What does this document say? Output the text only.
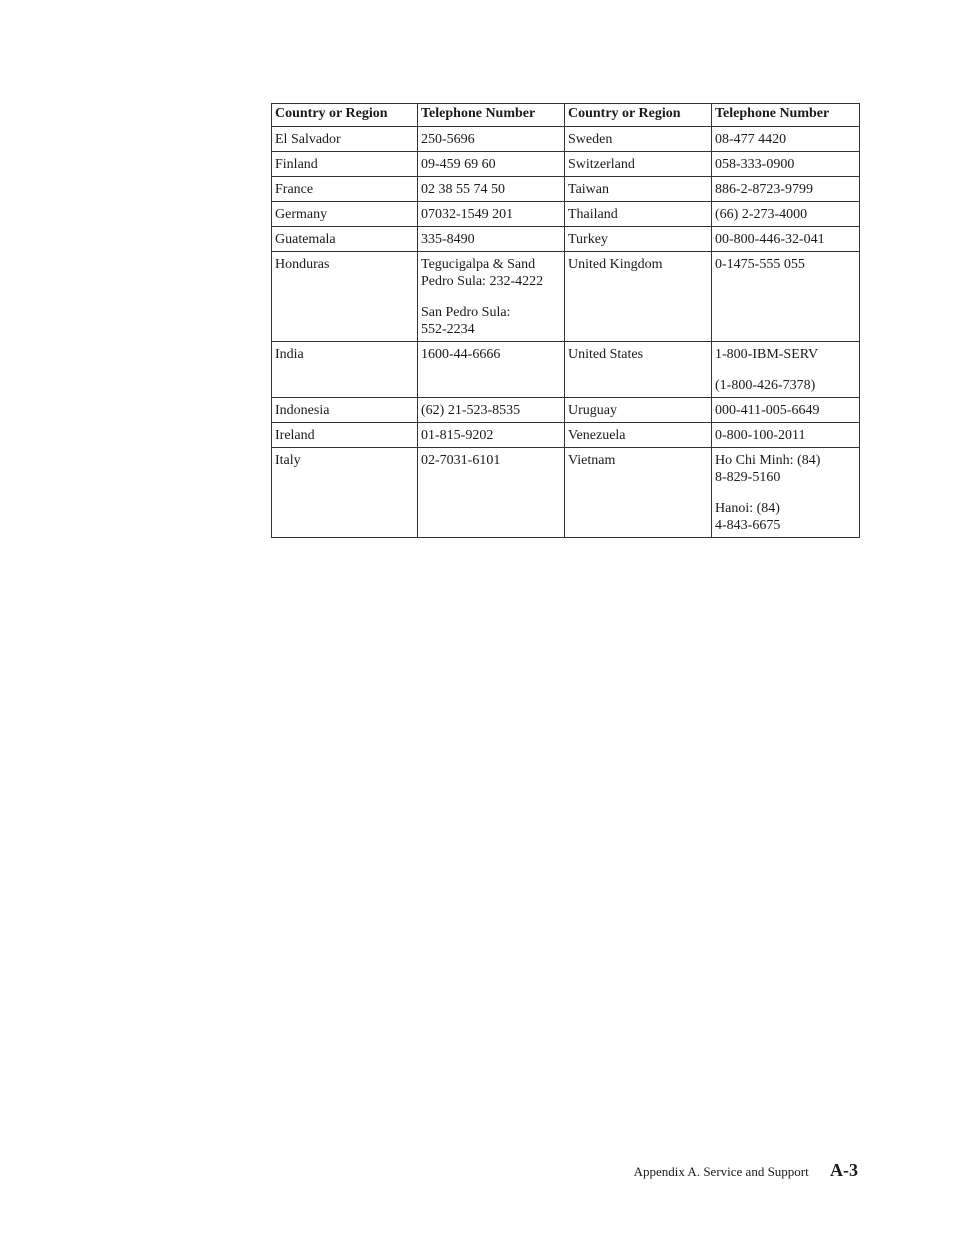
Country or Region	Telephone Number	Country or Region	Telephone Number

El Salvador	250-5696	Sweden	08-477 4420

Finland	09-459 69 60	Switzerland	058-333-0900

France	02 38 55 74 50	Taiwan	886-2-8723-9799

Germany	07032-1549 201	Thailand	(66) 2-273-4000

Guatemala	335-8490	Turkey	00-800-446-32-041

Honduras	Tegucigalpa & Sand
Pedro Sula: 232-4222
San Pedro Sula:
552-2234	United Kingdom	0-1475-555 055

India	1600-44-6666	United States	1-800-IBM-SERV
(1-800-426-7378)

Indonesia	(62) 21-523-8535	Uruguay	000-411-005-6649

Ireland	01-815-9202	Venezuela	0-800-100-2011

Italy	02-7031-6101	Vietnam	Ho Chi Minh: (84)
8-829-5160
Hanoi: (84)
4-843-6675
Appendix A. Service and Support A-3
